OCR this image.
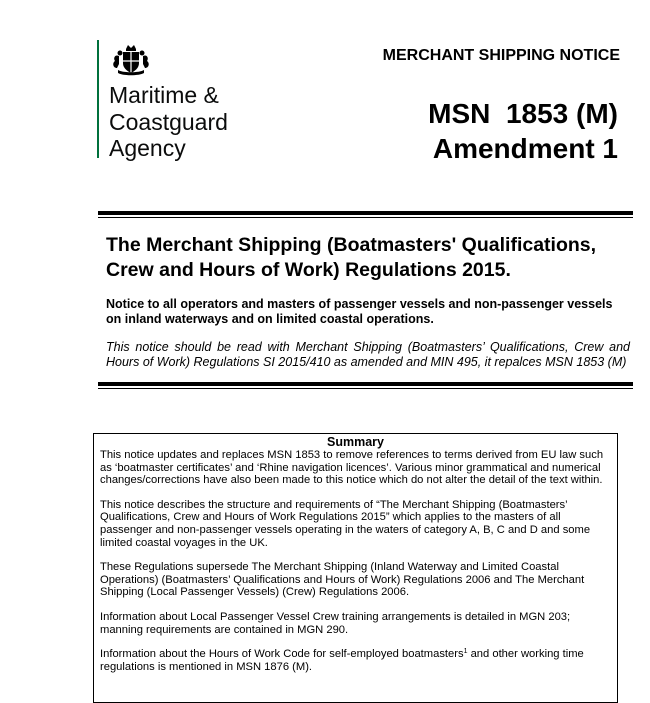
Maritime &
Coastguard
Agency
MERCHANT SHIPPING NOTICE
MSN  1853 (M)
Amendment 1
The Merchant Shipping (Boatmasters' Qualifications, Crew and Hours of Work) Regulations 2015.

Notice to all operators and masters of passenger vessels and non-passenger vessels on inland waterways and on limited coastal operations.

This notice should be read with Merchant Shipping (Boatmasters’ Qualifications, Crew and Hours of Work) Regulations SI 2015/410 as amended and MIN 495, it repalces MSN 1853 (M)

Summary

This notice updates and replaces MSN 1853 to remove references to terms derived from EU law such as ‘boatmaster certificates’ and ‘Rhine navigation licences’. Various minor grammatical and numerical changes/corrections have also been made to this notice which do not alter the detail of the text within.

This notice describes the structure and requirements of “The Merchant Shipping (Boatmasters’ Qualifications, Crew and Hours of Work Regulations 2015” which applies to the masters of all passenger and non-passenger vessels operating in the waters of category A, B, C and D and some limited coastal voyages in the UK.

These Regulations supersede The Merchant Shipping (Inland Waterway and Limited Coastal Operations) (Boatmasters’ Qualifications and Hours of Work) Regulations 2006 and The Merchant Shipping (Local Passenger Vessels) (Crew) Regulations 2006.

Information about Local Passenger Vessel Crew training arrangements is detailed in MGN 203; manning requirements are contained in MGN 290.

Information about the Hours of Work Code for self-employed boatmasters$^1$ and other working time regulations is mentioned in MSN 1876 (M).
